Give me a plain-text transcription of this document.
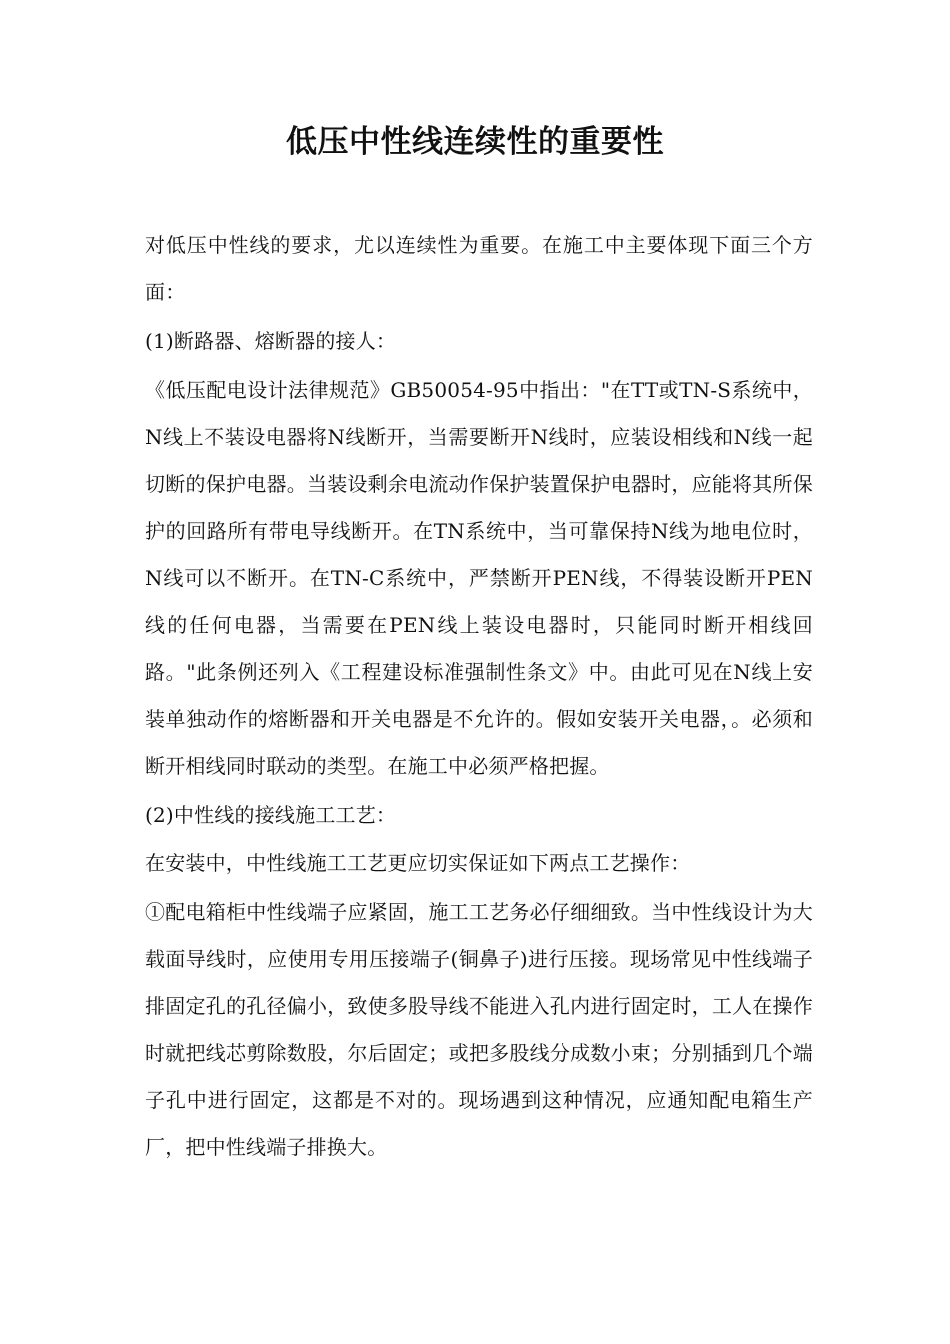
低压中性线连续性的重要性

对低压中性线的要求，尤以连续性为重要。在施工中主要体现下面三个方面：

(1)断路器、熔断器的接人：

《低压配电设计法律规范》GB50054-95中指出："在TT或TN-S系统中，N线上不装设电器将N线断开，当需要断开N线时，应装设相线和N线一起切断的保护电器。当装设剩余电流动作保护装置保护电器时，应能将其所保护的回路所有带电导线断开。在TN系统中，当可靠保持N线为地电位时，N线可以不断开。在TN-C系统中，严禁断开PEN线，不得装设断开PEN线的任何电器，当需要在PEN线上装设电器时，只能同时断开相线回路。"此条例还列入《工程建设标准强制性条文》中。由此可见在N线上安装单独动作的熔断器和开关电器是不允许的。假如安装开关电器，。必须和断开相线同时联动的类型。在施工中必须严格把握。

(2)中性线的接线施工工艺：

在安装中，中性线施工工艺更应切实保证如下两点工艺操作：

①配电箱柜中性线端子应紧固，施工工艺务必仔细细致。当中性线设计为大载面导线时，应使用专用压接端子(铜鼻子)进行压接。现场常见中性线端子排固定孔的孔径偏小，致使多股导线不能进入孔内进行固定时，工人在操作时就把线芯剪除数股，尔后固定；或把多股线分成数小束；分别插到几个端子孔中进行固定，这都是不对的。现场遇到这种情况，应通知配电箱生产厂，把中性线端子排换大。
